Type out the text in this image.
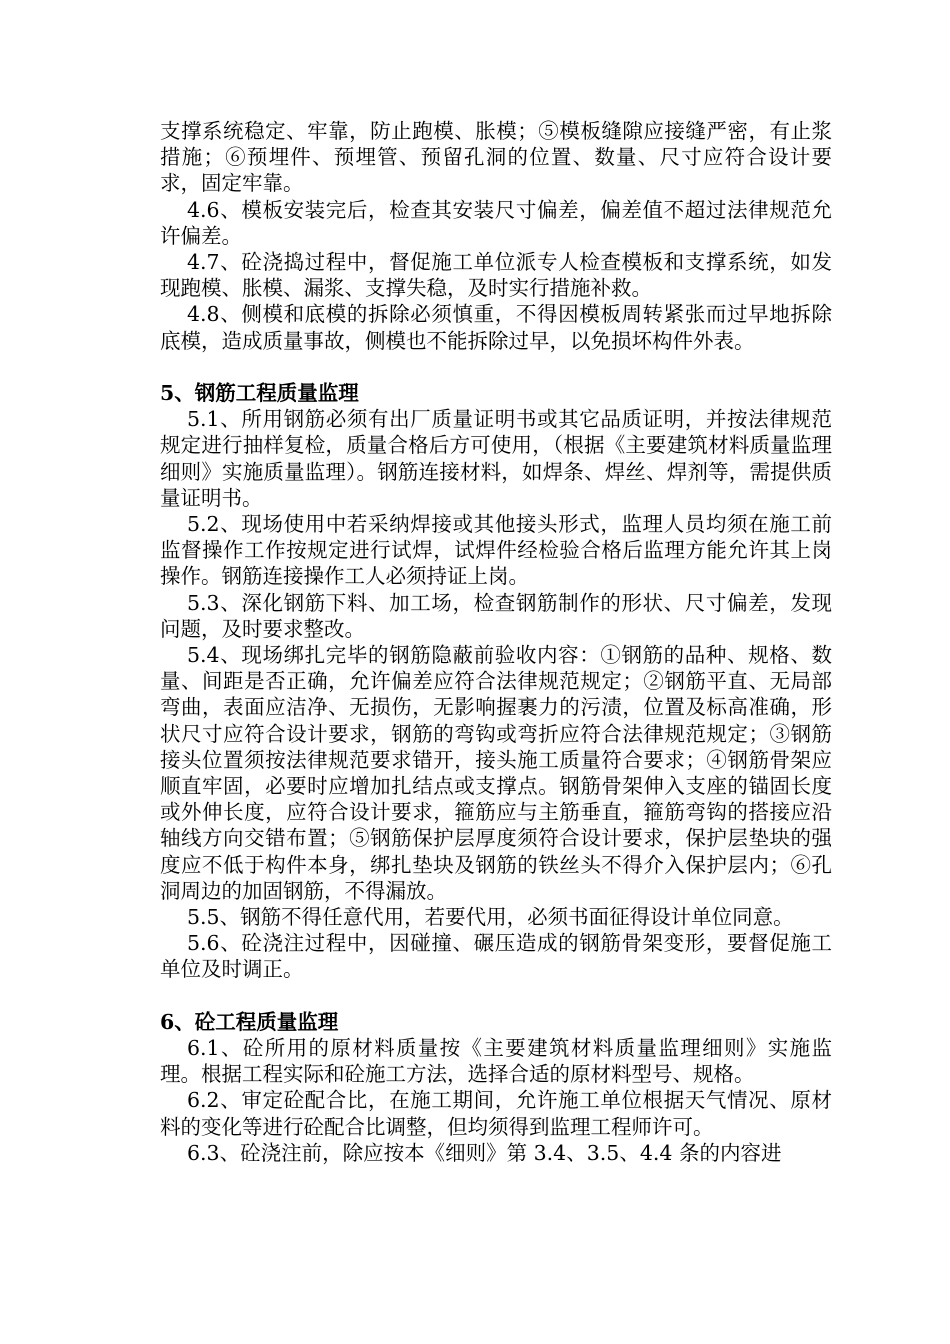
支撑系统稳定、牢靠，防止跑模、胀模；⑤模板缝隙应接缝严密，有止浆措施；⑥预埋件、预埋管、预留孔洞的位置、数量、尺寸应符合设计要求，固定牢靠。

4.6、模板安装完后，检查其安装尺寸偏差，偏差值不超过法律规范允许偏差。

4.7、砼浇捣过程中，督促施工单位派专人检查模板和支撑系统，如发现跑模、胀模、漏浆、支撑失稳，及时实行措施补救。

4.8、侧模和底模的拆除必须慎重，不得因模板周转紧张而过早地拆除底模，造成质量事故，侧模也不能拆除过早，以免损坏构件外表。

5、钢筋工程质量监理

5.1、所用钢筋必须有出厂质量证明书或其它品质证明，并按法律规范规定进行抽样复检，质量合格后方可使用，（根据《主要建筑材料质量监理细则》实施质量监理）。钢筋连接材料，如焊条、焊丝、焊剂等，需提供质量证明书。

5.2、现场使用中若采纳焊接或其他接头形式，监理人员均须在施工前监督操作工作按规定进行试焊，试焊件经检验合格后监理方能允许其上岗操作。钢筋连接操作工人必须持证上岗。

5.3、深化钢筋下料、加工场，检查钢筋制作的形状、尺寸偏差，发现问题，及时要求整改。

5.4、现场绑扎完毕的钢筋隐蔽前验收内容：①钢筋的品种、规格、数量、间距是否正确，允许偏差应符合法律规范规定；②钢筋平直、无局部弯曲，表面应洁净、无损伤，无影响握裹力的污渍，位置及标高准确，形状尺寸应符合设计要求，钢筋的弯钩或弯折应符合法律规范规定；③钢筋接头位置须按法律规范要求错开，接头施工质量符合要求；④钢筋骨架应顺直牢固，必要时应增加扎结点或支撑点。钢筋骨架伸入支座的锚固长度或外伸长度，应符合设计要求，箍筋应与主筋垂直，箍筋弯钩的搭接应沿轴线方向交错布置；⑤钢筋保护层厚度须符合设计要求，保护层垫块的强度应不低于构件本身，绑扎垫块及钢筋的铁丝头不得介入保护层内；⑥孔洞周边的加固钢筋，不得漏放。

5.5、钢筋不得任意代用，若要代用，必须书面征得设计单位同意。

5.6、砼浇注过程中，因碰撞、碾压造成的钢筋骨架变形，要督促施工单位及时调正。

6、砼工程质量监理

6.1、砼所用的原材料质量按《主要建筑材料质量监理细则》实施监理。根据工程实际和砼施工方法，选择合适的原材料型号、规格。

6.2、审定砼配合比，在施工期间，允许施工单位根据天气情况、原材料的变化等进行砼配合比调整，但均须得到监理工程师许可。

6.3、砼浇注前，除应按本《细则》第 3.4、3.5、4.4 条的内容进
